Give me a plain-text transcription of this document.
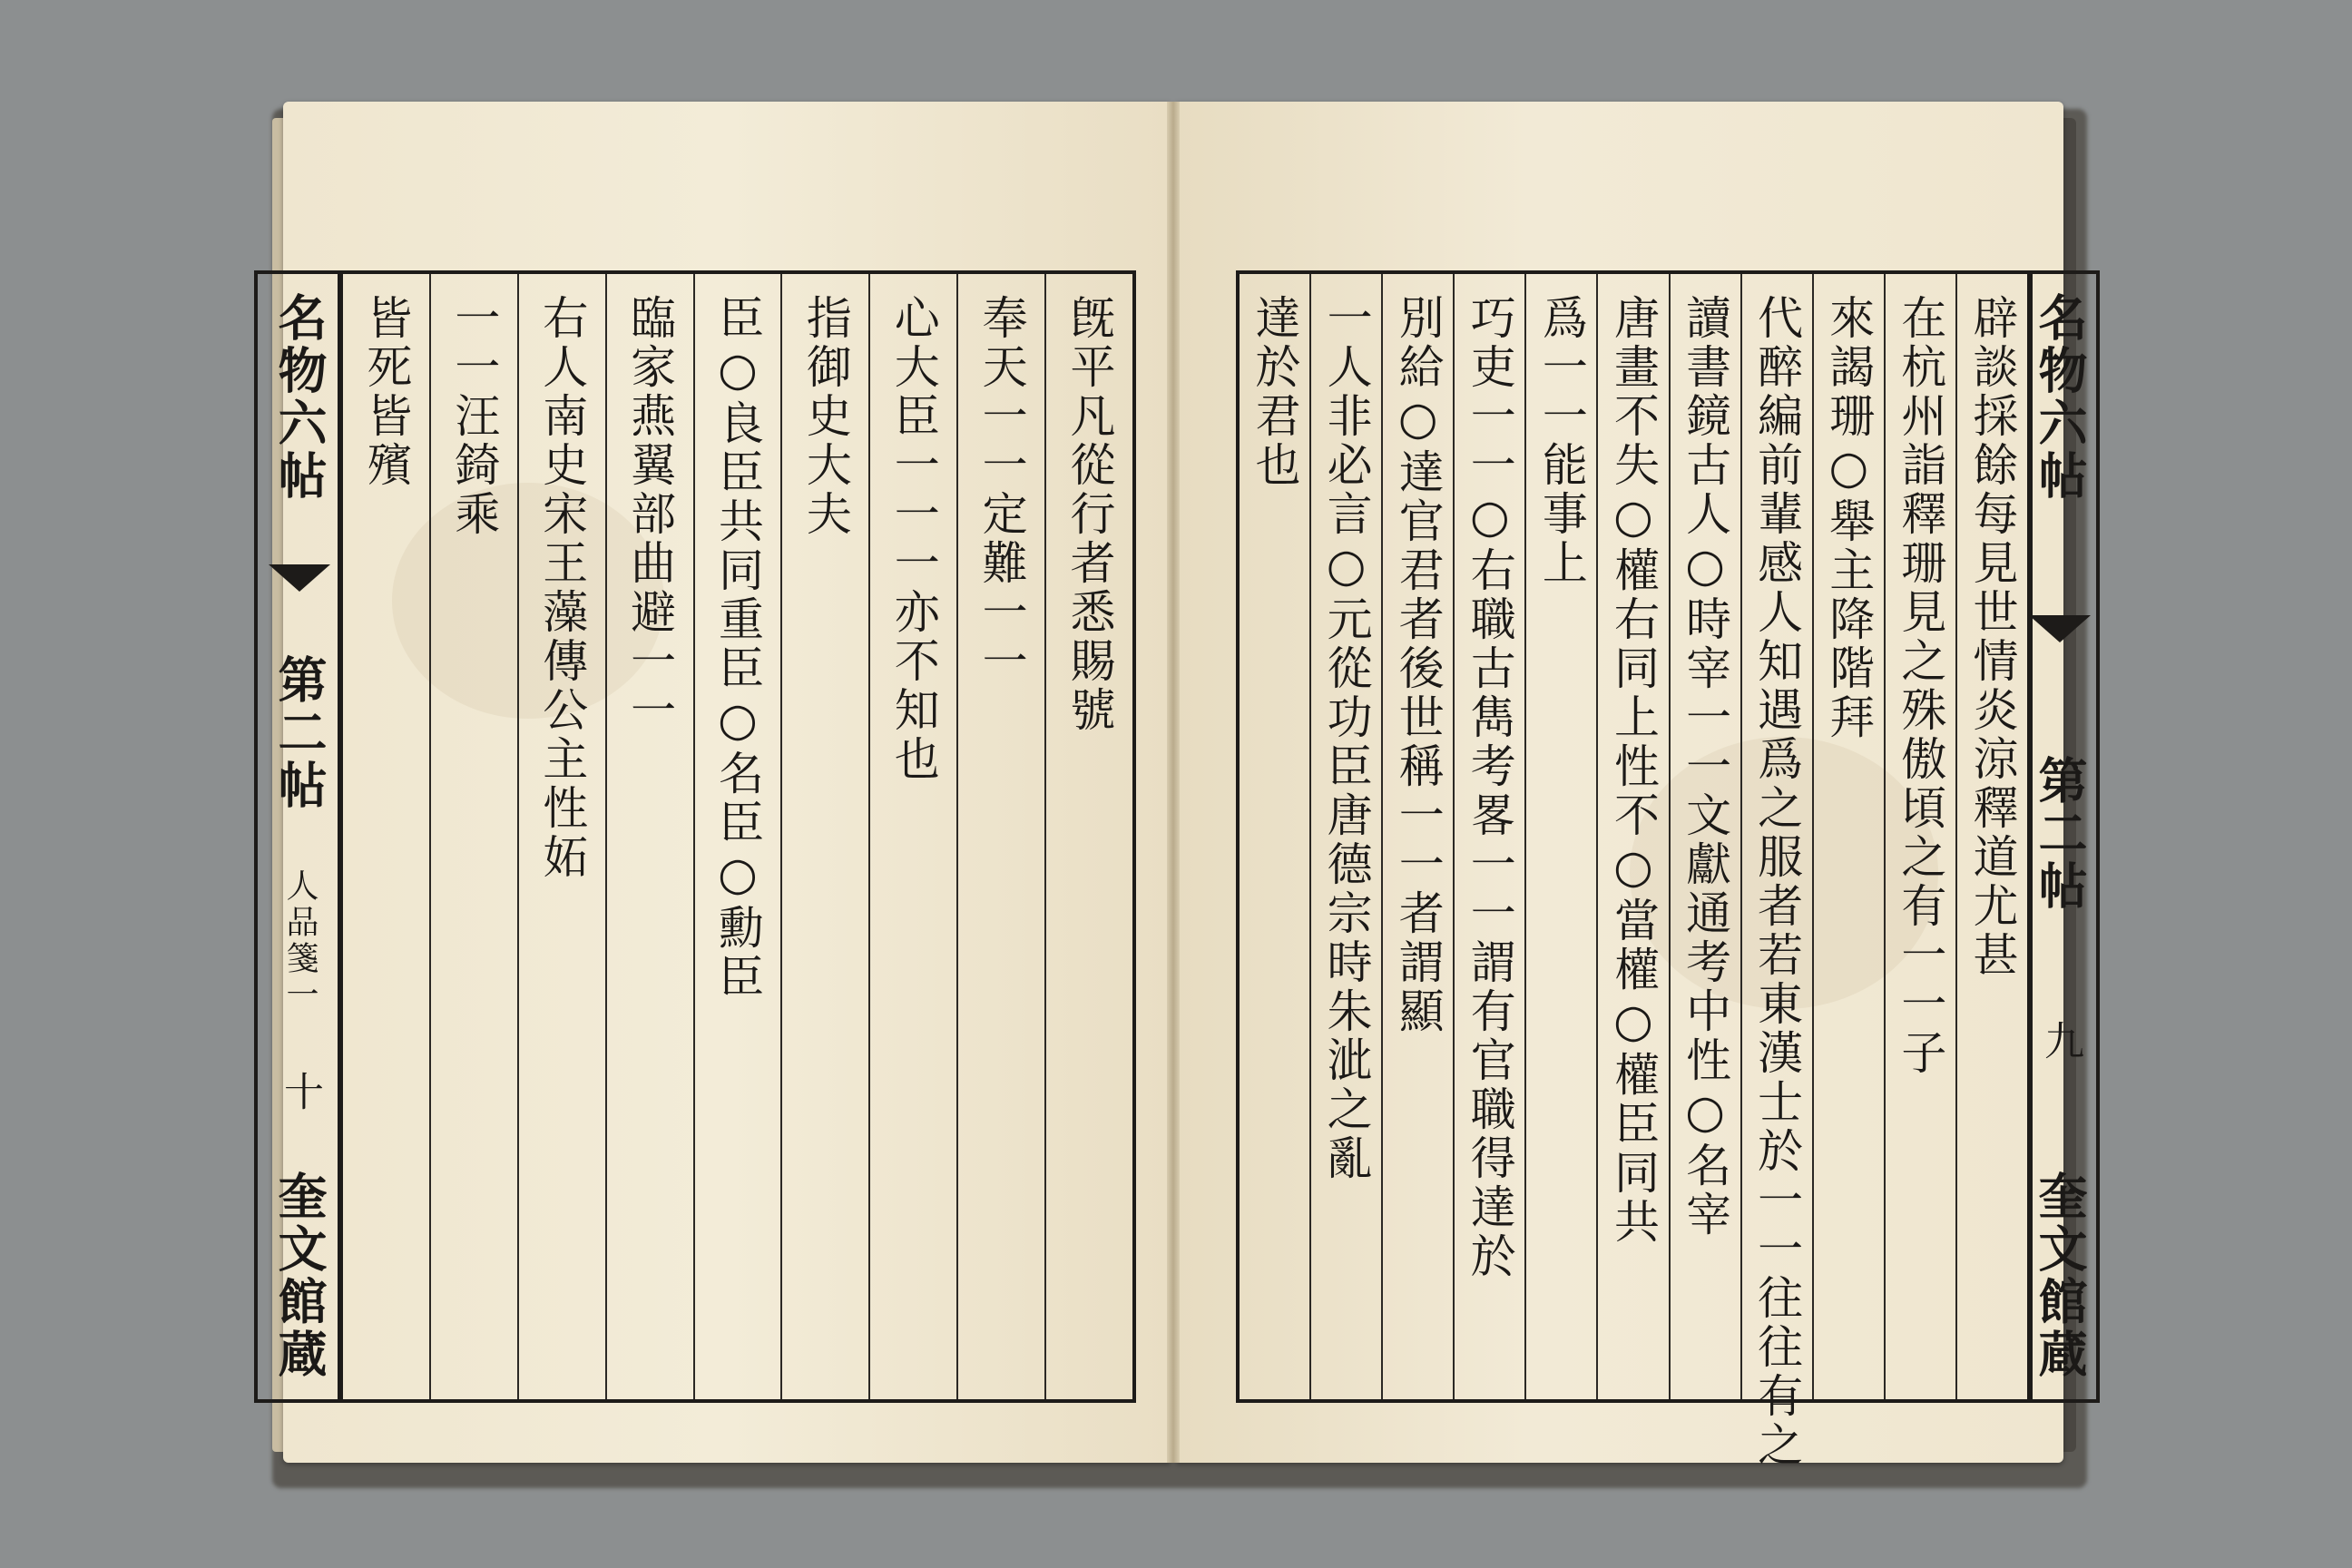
名物六帖
第二帖
人品箋一
十
奎文館蔵
旣平凡從行者悉賜號
奉天一一定難一一
心大臣一一一亦不知也
指御史大夫
臣○良臣共同重臣○名臣○勳臣
臨家燕翼部曲避一一
右人南史宋王藻傳公主性妬
一一汪錡乘
皆死皆殯	辟談採餘每見世情炎涼釋道尤甚
在杭州詣釋珊見之殊傲頃之有一一子
來謁珊○舉主降階拜
代醉編前輩感人知遇爲之服者若東漢士於一一往往有之
讀書鏡古人○時宰一一文獻通考中性○名宰
唐畫不失○權右同上性不○當權○權臣同共
爲一一能事上
巧吏一一○右職古雋考畧一一謂有官職得達於
別給○達官君者後世稱一一者謂顯
一人非必言○元從功臣唐德宗時朱泚之亂
達於君也	名物六帖
第二帖
九
奎文館蔵
